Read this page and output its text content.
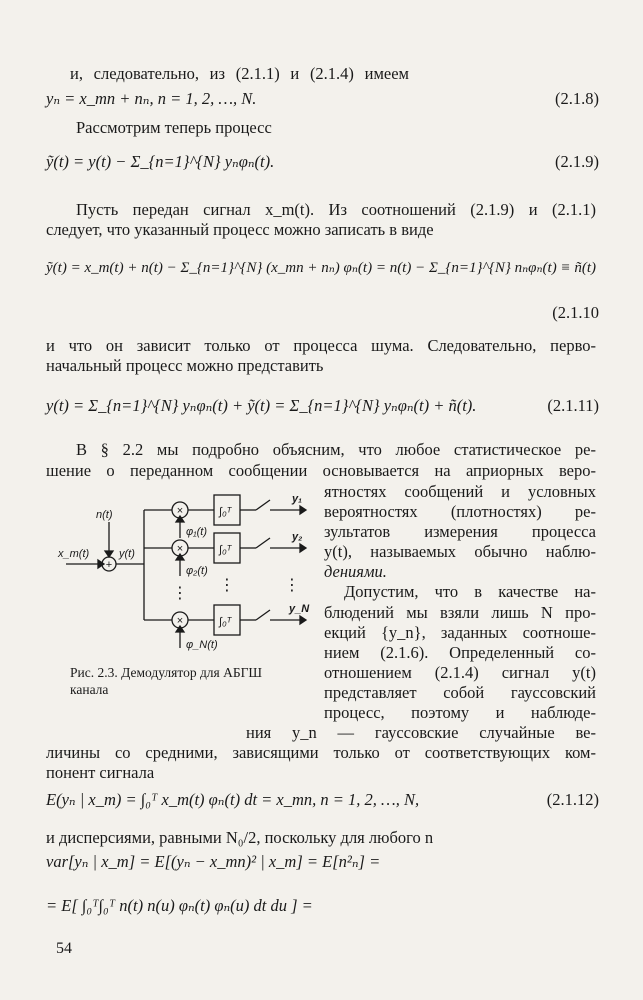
и, следовательно, из (2.1.1) и (2.1.4) имеем
yₙ = x_mn + nₙ, n = 1, 2, …, N.	(2.1.8)
Рассмотрим теперь процесс
ỹ(t) = y(t) − Σ_{n=1}^{N} yₙφₙ(t).	(2.1.9)
Пусть передан сигнал x_m(t). Из соотношений (2.1.9) и (2.1.1)
следует, что указанный процесс можно записать в виде
ỹ(t) = x_m(t) + n(t) − Σ_{n=1}^{N} (x_mn + nₙ) φₙ(t) = n(t) − Σ_{n=1}^{N} nₙφₙ(t) ≡ ñ(t)
(2.1.10
и что он зависит только от процесса шума. Следовательно, перво-
начальный процесс можно представить
y(t) = Σ_{n=1}^{N} yₙφₙ(t) + ỹ(t) = Σ_{n=1}^{N} yₙφₙ(t) + ñ(t).	(2.1.11)
В § 2.2 мы подробно объясним, что любое статистическое ре-
шение о переданном сообщении основывается на априорных веро-
ятностях сообщений и условных
вероятностях (плотностях) ре-
зультатов измерения процесса
y(t), называемых обычно наблю-
дениями.
Допустим, что в качестве на-
блюдений мы взяли лишь N про-
екций {y_n}, заданных соотноше-
нием (2.1.6). Определенный со-
отношением (2.1.4) сигнал y(t)
представляет собой гауссовский
процесс, поэтому и наблюде-
ния y_n — гауссовские случайные ве-
личины со средними, зависящими только от соответствующих ком-
понент сигнала
E(yₙ | x_m) = ∫₀ᵀ x_m(t) φₙ(t) dt = x_mn, n = 1, 2, …, N,	(2.1.12)
и дисперсиями, равными N₀/2, поскольку для любого n
var[yₙ | x_m] = E[(yₙ − x_mn)² | x_m] = E[n²ₙ] =
= E[ ∫₀ᵀ∫₀ᵀ n(t) n(u) φₙ(t) φₙ(u) dt du ] =
54
n(t)
x_m(t)	y(t)
φ₁(t)
φ₂(t)
φ_N(t)
∫₀ᵀ
∫₀ᵀ
∫₀ᵀ
y₁
y₂
y_N
+
×
×
×
⋮ ⋮	⋮
Рис. 2.3. Демодулятор для АБГШ
канала
